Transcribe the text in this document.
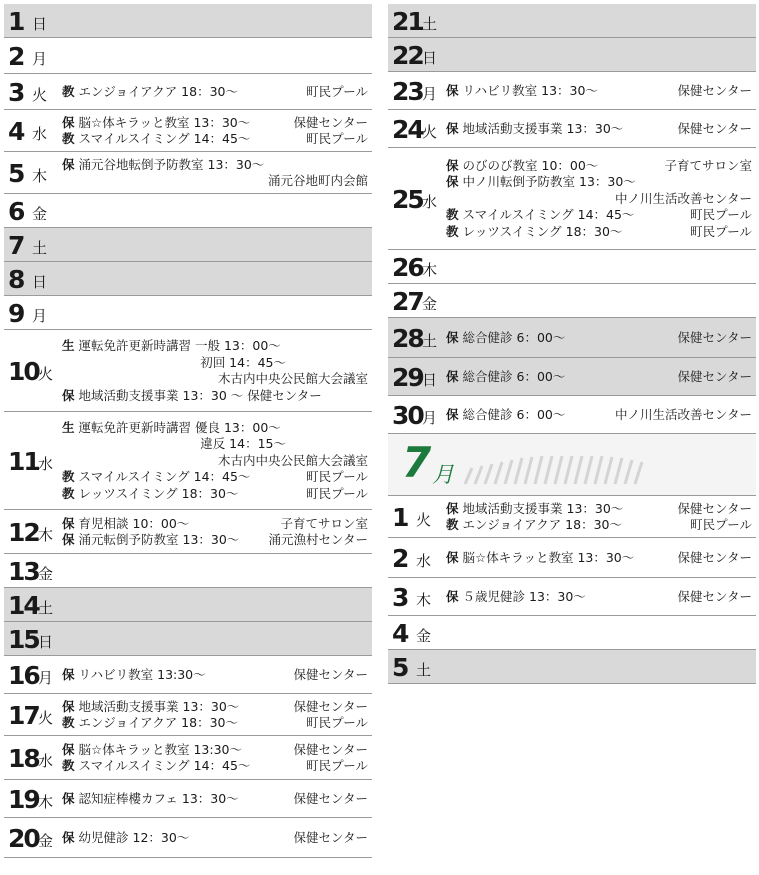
1 日
2 月
3 火 教 エンジョイアクア 18：30～	町民プール
4 水
保 脳☆体キラッと教室 13：30～	保健センター
教 スマイルスイミング 14：45～	町民プール
5 木
保 涌元谷地転倒予防教室 13：30～
涌元谷地町内会館
6 金
7 土
8 日
9 月
10 火
生 運転免許更新時講習 一般 13：00～
初回 14：45～
木古内中央公民館大会議室
保 地域活動支援事業 13：30 ～ 保健センター
11 水
生 運転免許更新時講習 優良 13：00～
違反 14：15～
木古内中央公民館大会議室
教 スマイルスイミング 14：45～	町民プール
教 レッツスイミング 18：30～	町民プール
12 木
保 育児相談 10：00～	子育てサロン室
保 涌元転倒予防教室 13：30～ 涌元漁村センター
13 金
14 土
15 日
16 月 保 リハビリ教室 13:30～	保健センター
17 火
保 地域活動支援事業 13：30～	保健センター
教 エンジョイアクア 18：30～	町民プール
18 水
保 脳☆体キラッと教室 13:30～	保健センター
教 スマイルスイミング 14：45～	町民プール
19 木 保 認知症棒樓カフェ 13：30～	保健センター
20 金 保 幼児健診 12：30～	保健センター
21 土
22 日
23 月 保 リハビリ教室 13：30～	保健センター
24 火 保 地域活動支援事業 13：30～	保健センター
25 水
保 のびのび教室 10：00～	子育てサロン室
保 中ノ川転倒予防教室 13：30～
中ノ川生活改善センター
教 スマイルスイミング 14：45～	町民プール
教 レッツスイミング 18：30～	町民プール
26 木
27 金
28 土 保 総合健診 6：00～	保健センター
29 日 保 総合健診 6：00～	保健センター
30 月 保 総合健診 6：00～	中ノ川生活改善センター
7 月
1 火
保 地域活動支援事業 13：30～	保健センター
教 エンジョイアクア 18：30～	町民プール
2 水 保 脳☆体キラッと教室 13：30～	保健センター
3 木 保 ５歳児健診 13：30～	保健センター
4 金
5 土
